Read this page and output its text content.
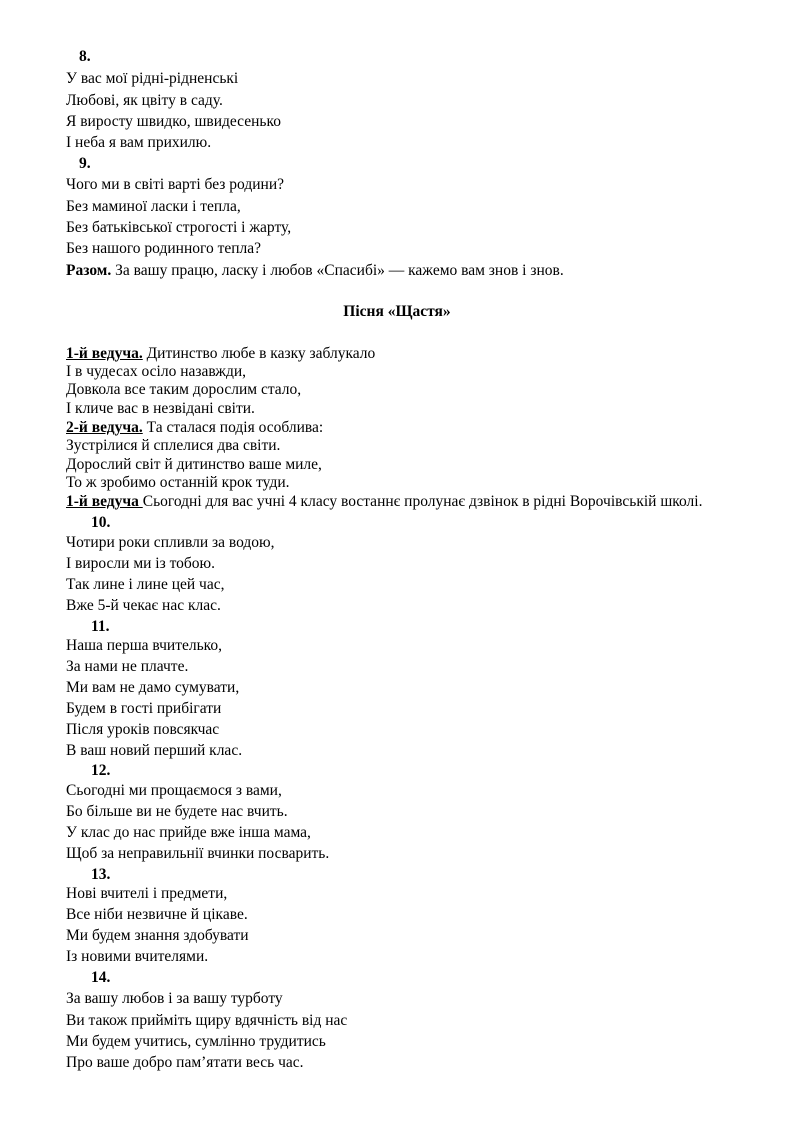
8.
У вас мої рідні-рідненські
Любові, як цвіту в саду.
Я виросту швидко, швидесенько
І неба я вам прихилю.
9.
Чого ми в світі варті без родини?
Без маминої ласки і тепла,
Без батьківської строгості і жарту,
Без нашого родинного тепла?
Разом. За вашу працю, ласку і любов «Спасибі» — кажемо вам знов і знов.
Пісня «Щастя»
1-й ведуча. Дитинство любе в казку заблукало
І в чудесах осіло назавжди,
Довкола все таким дорослим стало,
І кличе вас в незвідані світи.
2-й ведуча. Та сталася подія особлива:
Зустрілися й сплелися два світи.
Дорослий світ й дитинство ваше миле,
То ж зробимо останній крок туди.
1-й ведуча Сьогодні для вас учні 4 класу востаннє пролунає дзвінок в рідні Ворочівській школі.
10.
Чотири роки спливли за водою,
І виросли ми із тобою.
Так лине і лине цей час,
Вже 5-й чекає нас клас.
11.
Наша перша вчителько,
За нами не плачте.
Ми вам не дамо сумувати,
Будем в гості прибігати
Після уроків повсякчас
В ваш новий перший клас.
12.
Сьогодні ми прощаємося з вами,
Бо більше ви не будете нас вчить.
У клас до нас прийде вже інша мама,
Щоб за неправильнії вчинки посварить.
13.
Нові вчителі і предмети,
Все ніби незвичне й цікаве.
Ми будем знання здобувати
Із новими вчителями.
14.
За вашу любов і за вашу турботу
Ви також прийміть щиру вдячність від нас
Ми будем учитись, сумлінно трудитись
Про ваше добро пам’ятати весь час.
